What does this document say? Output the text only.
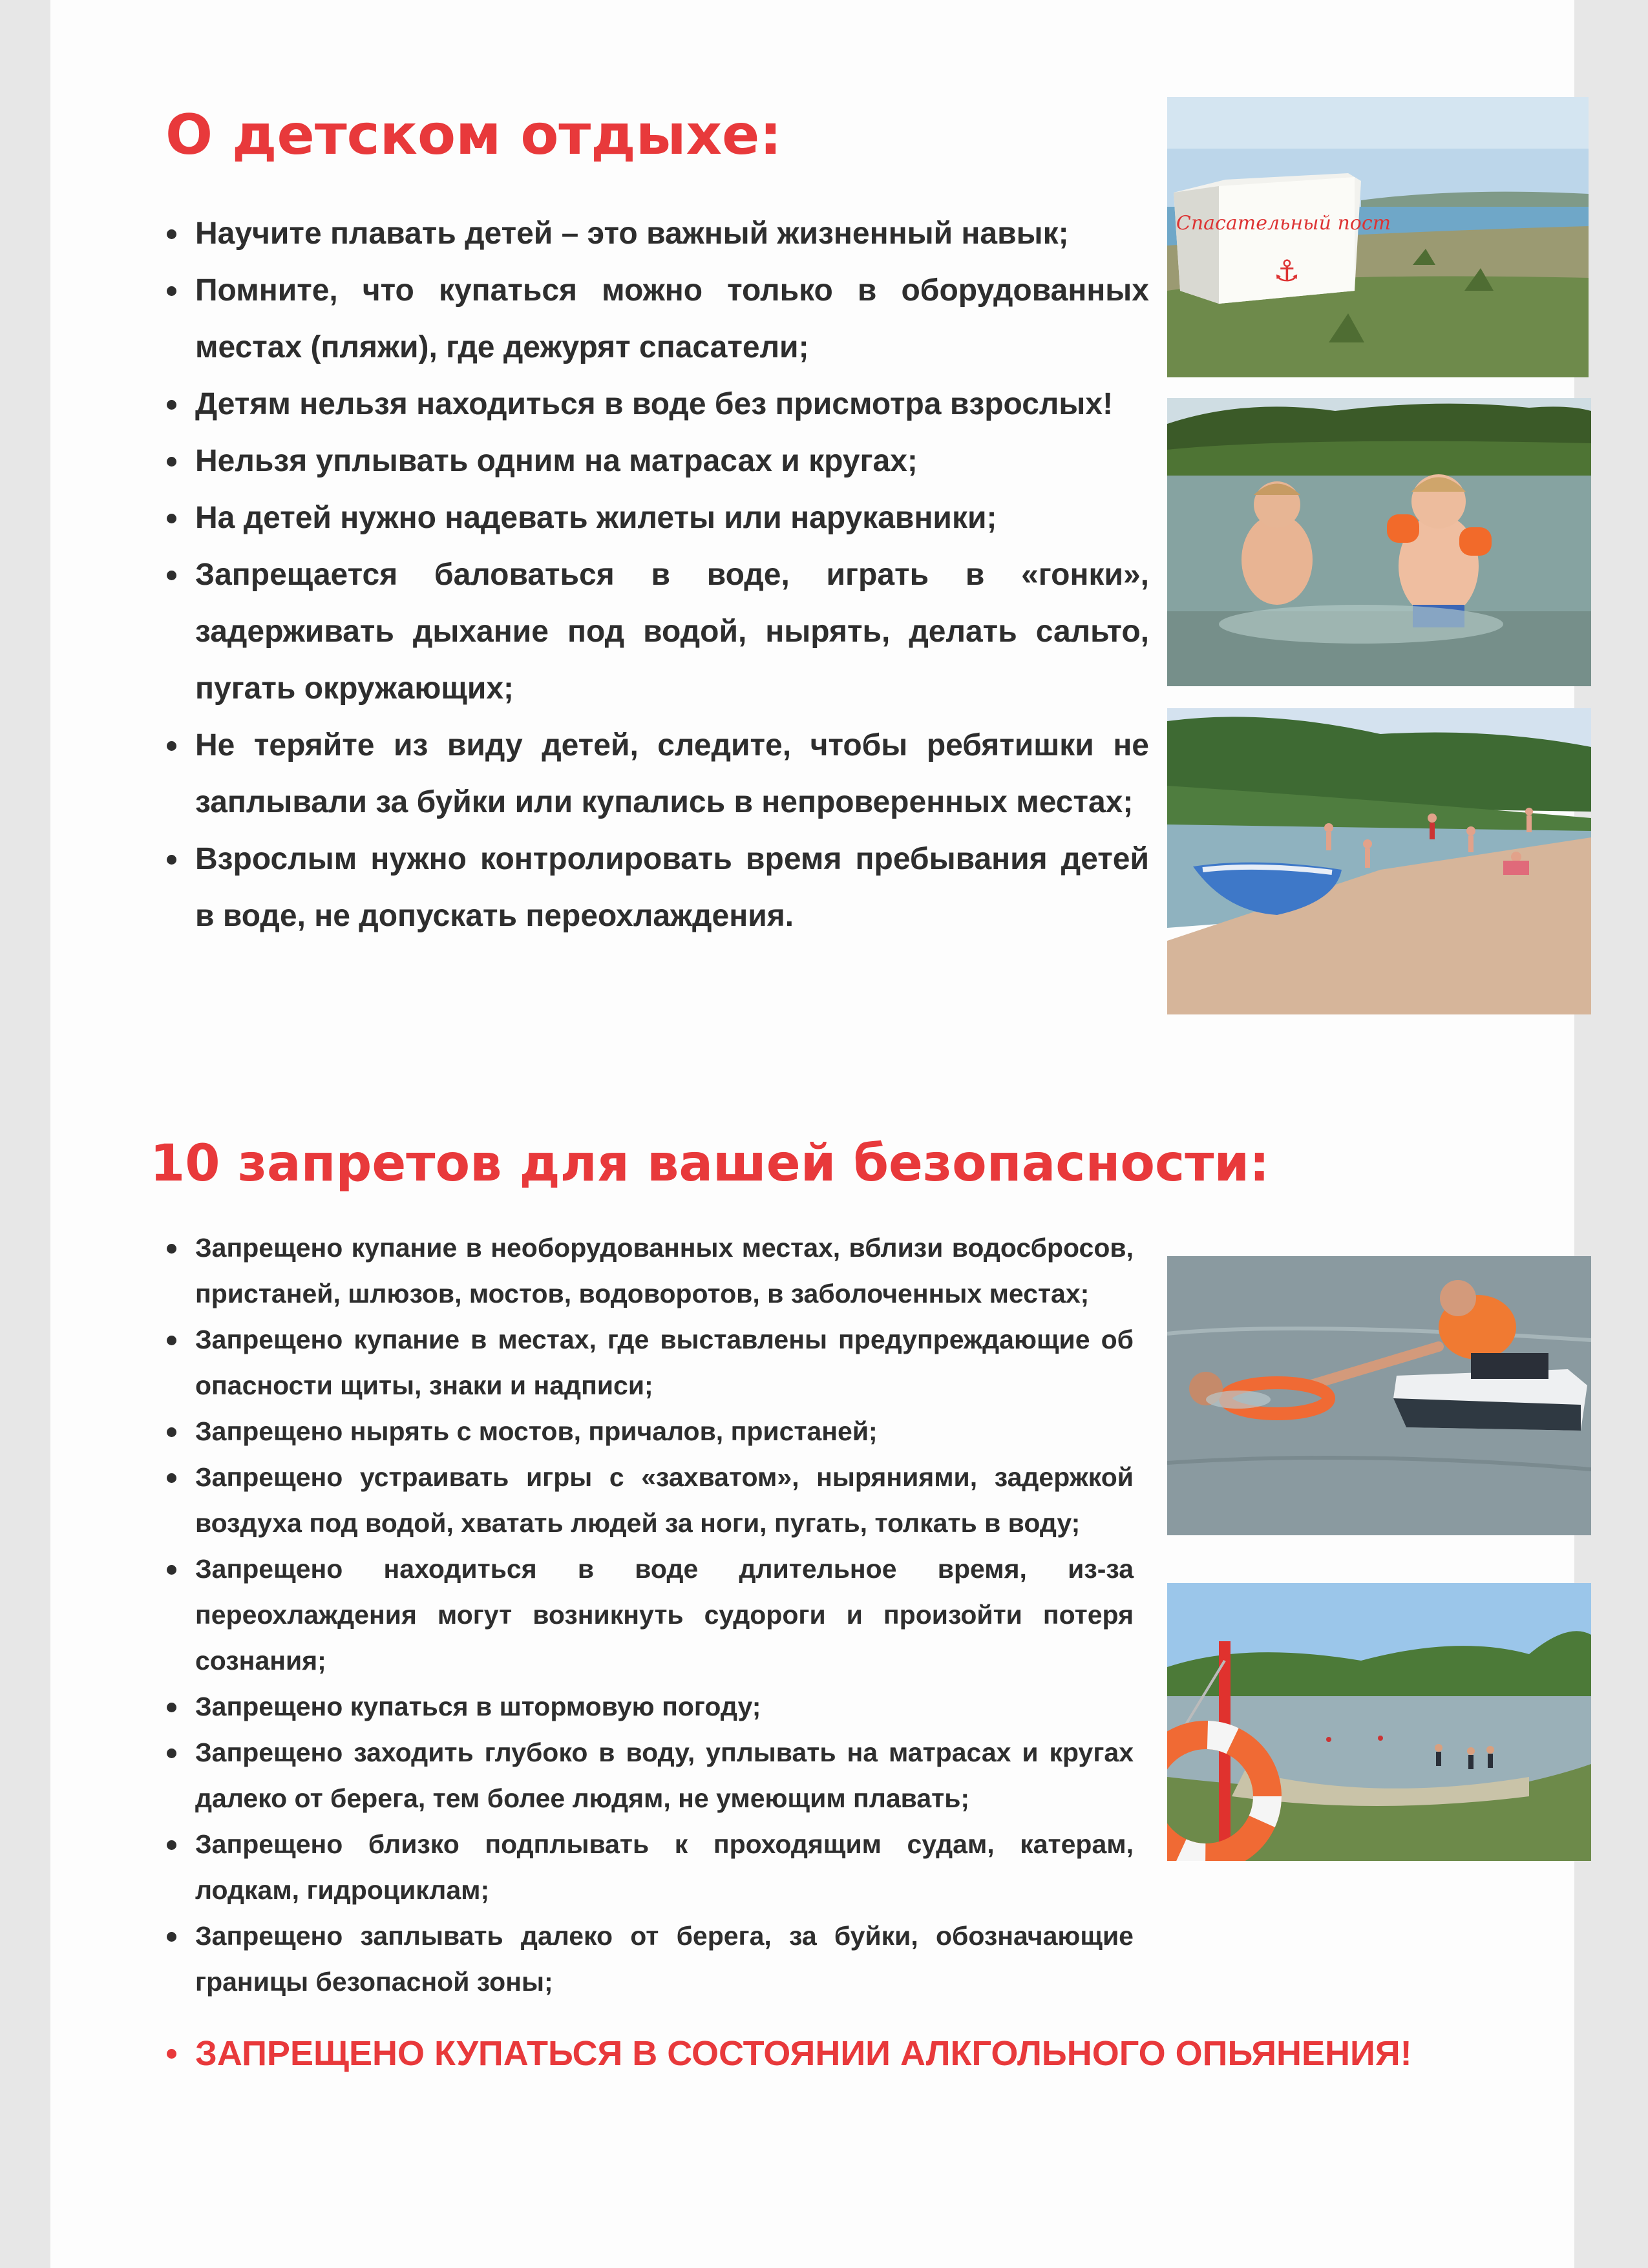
О детском отдыхе:
Научите плавать детей – это важный жизненный навык;
Помните, что купаться можно только в оборудованных местах (пляжи), где дежурят спасатели;
Детям нельзя находиться в воде без присмотра взрослых!
Нельзя уплывать одним на матрасах и кругах;
На детей нужно надевать жилеты или нарукавники;
Запрещается баловаться в воде, играть в «гонки», задерживать дыхание под водой, нырять, делать сальто, пугать окружающих;
Не теряйте из виду детей, следите, чтобы ребятишки не заплывали за буйки или купались в непроверенных местах;
Взрослым нужно контролировать время пребывания детей в воде, не допускать переохлаждения.
Спасательный пост
⚓
10 запретов для вашей безопасности:
Запрещено купание в необорудованных местах, вблизи водосбросов, пристаней, шлюзов, мостов, водоворотов, в заболоченных местах;
Запрещено купание в местах, где выставлены предупреждающие об опасности щиты, знаки и надписи;
Запрещено нырять с мостов, причалов, пристаней;
Запрещено устраивать игры с «захватом», ныряниями, задержкой воздуха под водой, хватать людей за ноги, пугать, толкать в воду;
Запрещено находиться в воде длительное время, из-за переохлаждения могут возникнуть судороги и произойти потеря сознания;
Запрещено купаться в штормовую погоду;
Запрещено заходить глубоко в воду, уплывать на матрасах и кругах далеко от берега, тем более людям, не умеющим плавать;
Запрещено близко подплывать к проходящим судам, катерам, лодкам, гидроциклам;
Запрещено заплывать далеко от берега, за буйки, обозначающие границы безопасной зоны;
ЗАПРЕЩЕНО КУПАТЬСЯ В СОСТОЯНИИ АЛКГОЛЬНОГО ОПЬЯНЕНИЯ!
